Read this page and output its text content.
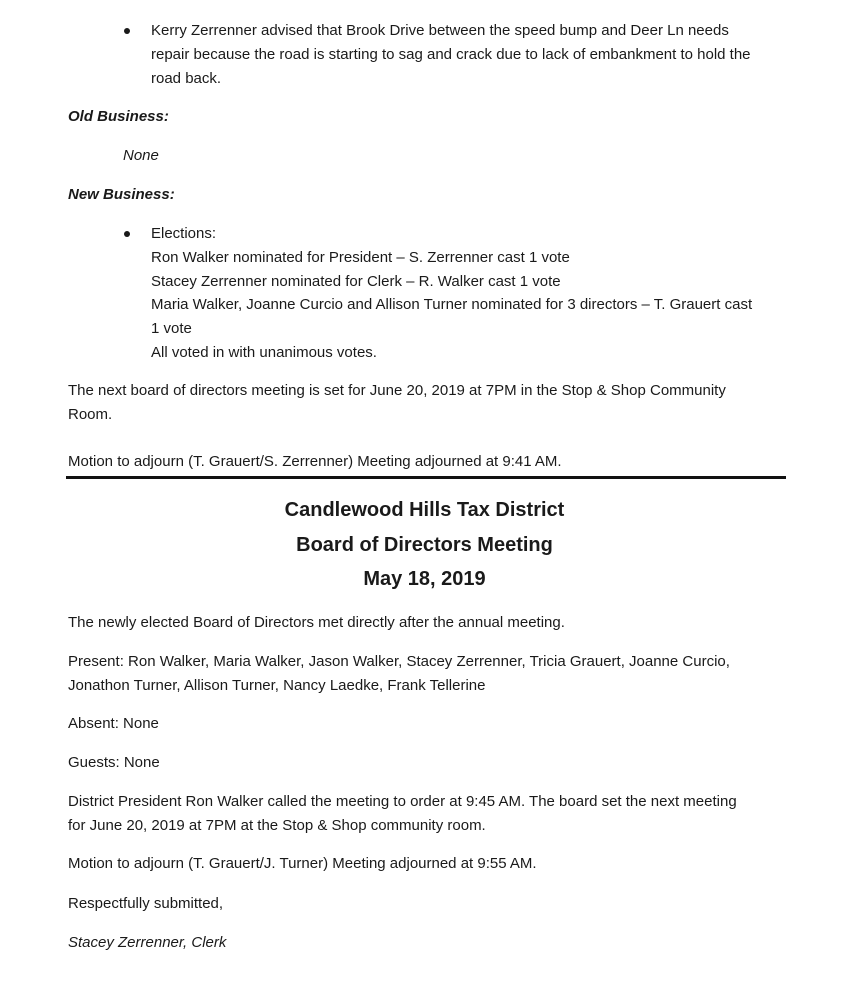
Kerry Zerrenner advised that Brook Drive between the speed bump and Deer Ln needs
repair because the road is starting to sag and crack due to lack of embankment to hold the
road back.
Old Business:
None
New Business:
Elections:
Ron Walker nominated for President – S. Zerrenner cast 1 vote
Stacey Zerrenner nominated for Clerk – R. Walker cast 1 vote
Maria Walker, Joanne Curcio and Allison Turner nominated for 3 directors – T. Grauert cast
1 vote
All voted in with unanimous votes.
The next board of directors meeting is set for June 20, 2019 at 7PM in the Stop & Shop Community
Room.
Motion to adjourn (T. Grauert/S. Zerrenner) Meeting adjourned at 9:41 AM.
Candlewood Hills Tax District
Board of Directors Meeting
May 18, 2019
The newly elected Board of Directors met directly after the annual meeting.
Present: Ron Walker, Maria Walker, Jason Walker, Stacey Zerrenner, Tricia Grauert, Joanne Curcio,
Jonathon Turner, Allison Turner, Nancy Laedke, Frank Tellerine
Absent: None
Guests: None
District President Ron Walker called the meeting to order at 9:45 AM. The board set the next meeting
for June 20, 2019 at 7PM at the Stop & Shop community room.
Motion to adjourn (T. Grauert/J. Turner) Meeting adjourned at 9:55 AM.
Respectfully submitted,
Stacey Zerrenner, Clerk
